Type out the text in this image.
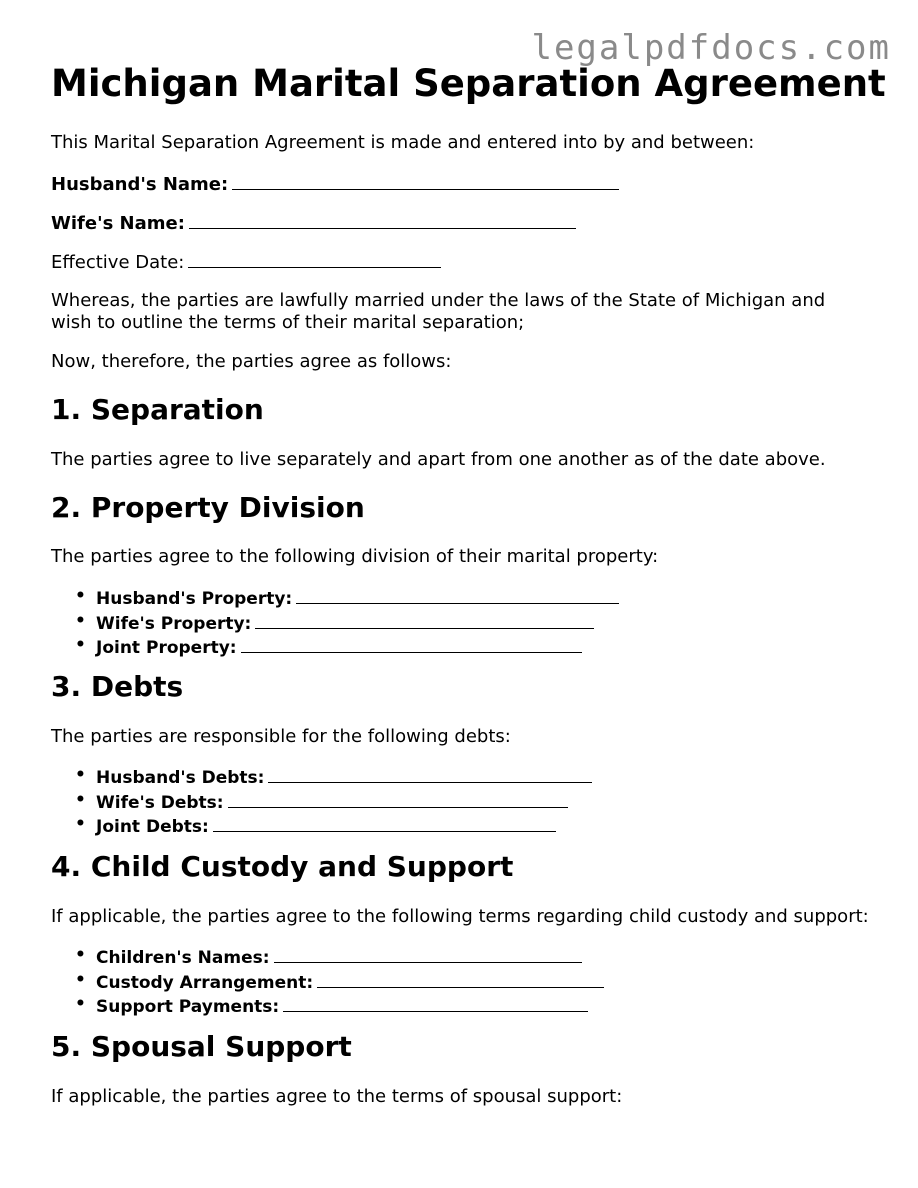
legalpdfdocs.com
Michigan Marital Separation Agreement

This Marital Separation Agreement is made and entered into by and between:

Husband's Name:
Wife's Name:
Effective Date:

Whereas, the parties are lawfully married under the laws of the State of Michigan and

wish to outline the terms of their marital separation;

Now, therefore, the parties agree as follows:

1. Separation

The parties agree to live separately and apart from one another as of the date above.

2. Property Division

The parties agree to the following division of their marital property:

• Husband's Property:
• Wife's Property:
• Joint Property:
3. Debts

The parties are responsible for the following debts:

• Husband's Debts:
• Wife's Debts:
• Joint Debts:
4. Child Custody and Support

If applicable, the parties agree to the following terms regarding child custody and support:

• Children's Names:
• Custody Arrangement:
• Support Payments:
5. Spousal Support

If applicable, the parties agree to the terms of spousal support:
